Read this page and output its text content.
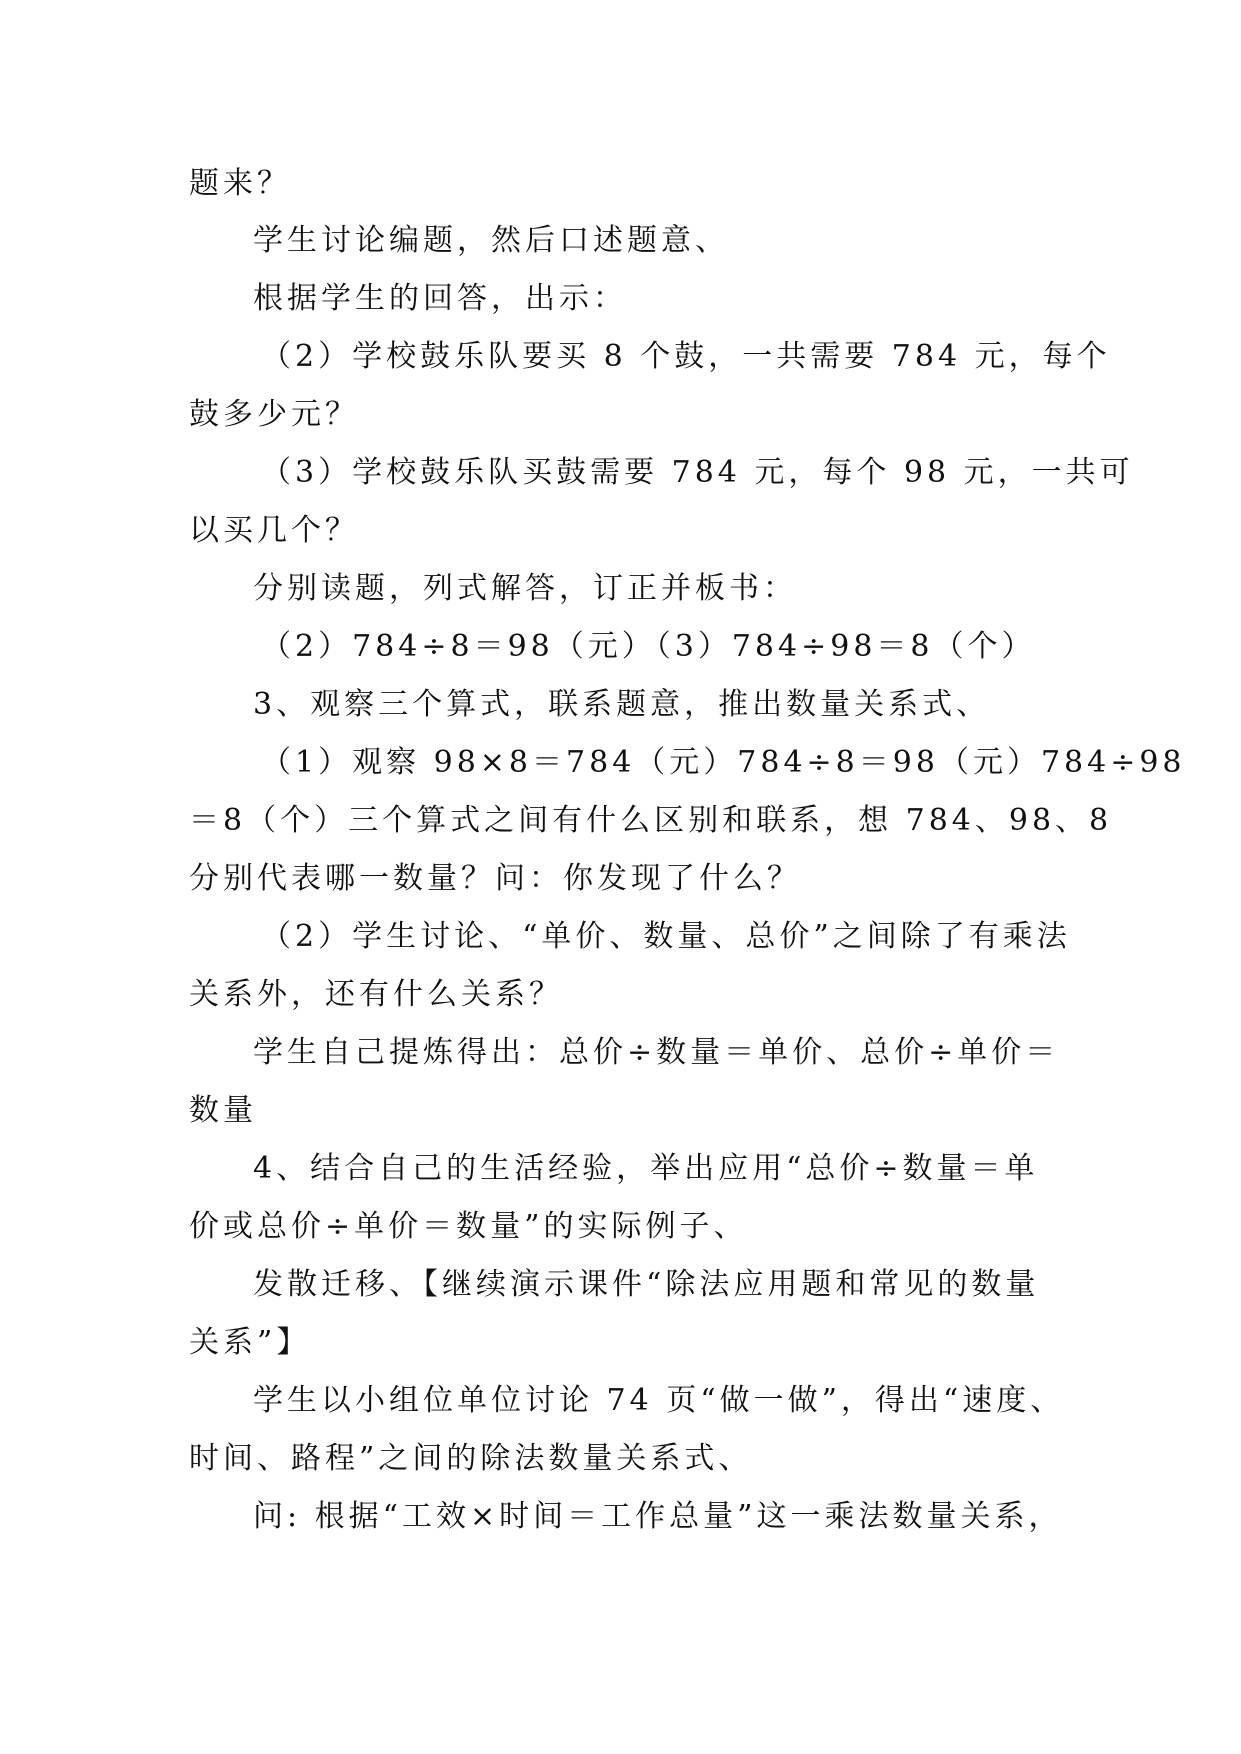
题来？
学生讨论编题，然后口述题意、
根据学生的回答，出示：
（2）学校鼓乐队要买 8 个鼓，一共需要 784 元，每个
鼓多少元？
（3）学校鼓乐队买鼓需要 784 元，每个 98 元，一共可
以买几个？
分别读题，列式解答，订正并板书：
（2）784÷8＝98（元）（3）784÷98＝8（个）
3、观察三个算式，联系题意，推出数量关系式、
（1）观察 98×8＝784（元）784÷8＝98（元）784÷98
＝8（个）三个算式之间有什么区别和联系，想 784、98、8
分别代表哪一数量？问：你发现了什么？
（2）学生讨论、“单价、数量、总价”之间除了有乘法
关系外，还有什么关系？
学生自己提炼得出：总价÷数量＝单价、总价÷单价＝
数量
4、结合自己的生活经验，举出应用“总价÷数量＝单
价或总价÷单价＝数量”的实际例子、
发散迁移、【继续演示课件“除法应用题和常见的数量
关系”】
学生以小组位单位讨论 74 页“做一做”，得出“速度、
时间、路程”之间的除法数量关系式、
问: 根据“工效×时间＝工作总量”这一乘法数量关系，
